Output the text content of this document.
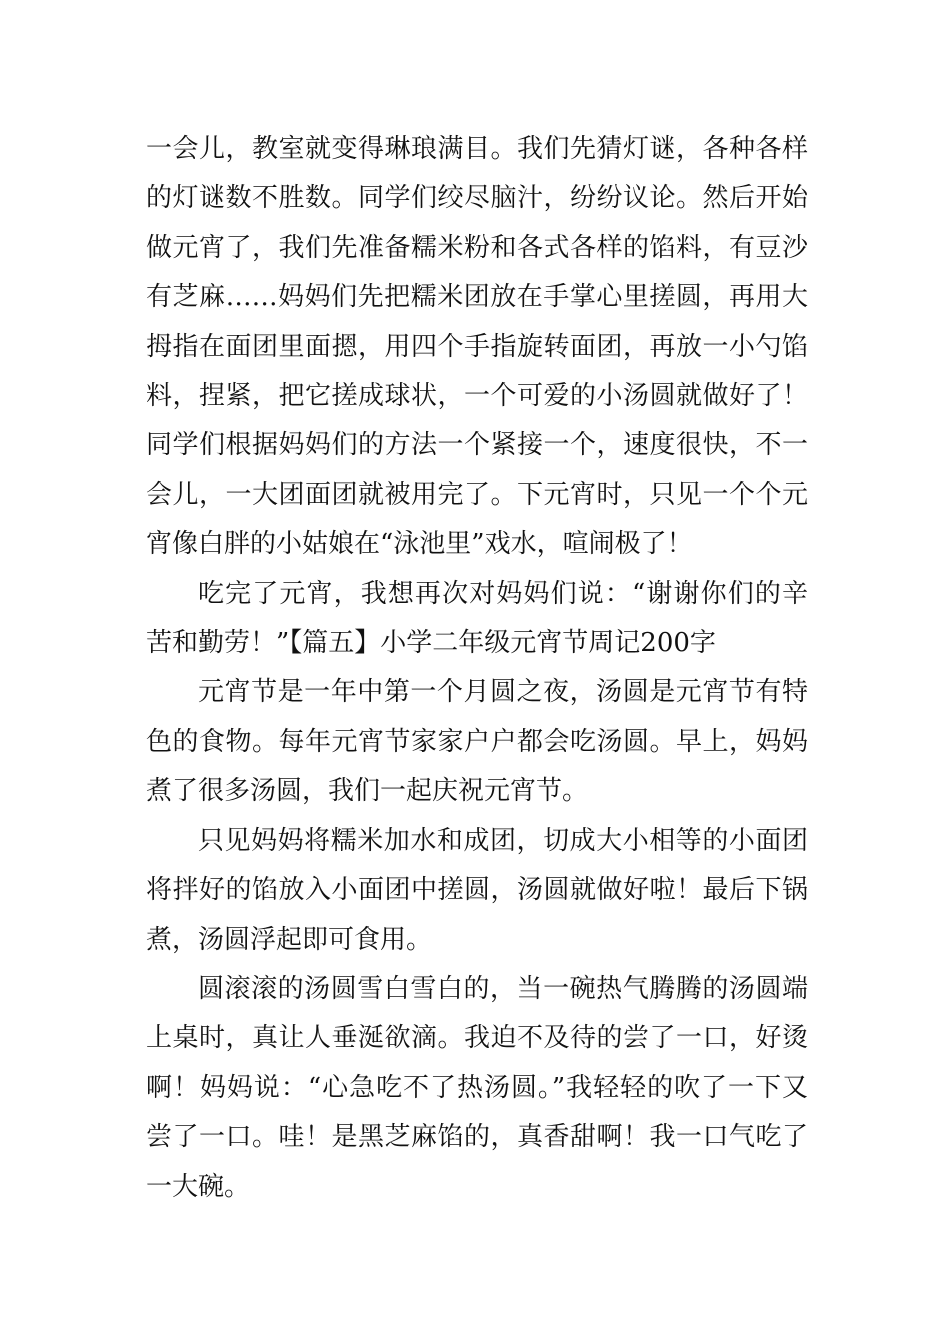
一会儿，教室就变得琳琅满目。我们先猜灯谜，各种各样的灯谜数不胜数。同学们绞尽脑汁，纷纷议论。然后开始做元宵了，我们先准备糯米粉和各式各样的馅料，有豆沙有芝麻……妈妈们先把糯米团放在手掌心里搓圆，再用大拇指在面团里面摁，用四个手指旋转面团，再放一小勺馅料，捏紧，把它搓成球状，一个可爱的小汤圆就做好了！同学们根据妈妈们的方法一个紧接一个，速度很快，不一会儿，一大团面团就被用完了。下元宵时，只见一个个元宵像白胖的小姑娘在“泳池里”戏水，喧闹极了！

吃完了元宵，我想再次对妈妈们说：“谢谢你们的辛苦和勤劳！”【篇五】小学二年级元宵节周记200字

元宵节是一年中第一个月圆之夜，汤圆是元宵节有特色的食物。每年元宵节家家户户都会吃汤圆。早上，妈妈煮了很多汤圆，我们一起庆祝元宵节。

只见妈妈将糯米加水和成团，切成大小相等的小面团将拌好的馅放入小面团中搓圆，汤圆就做好啦！最后下锅煮，汤圆浮起即可食用。

圆滚滚的汤圆雪白雪白的，当一碗热气腾腾的汤圆端上桌时，真让人垂涎欲滴。我迫不及待的尝了一口，好烫啊！妈妈说：“心急吃不了热汤圆。”我轻轻的吹了一下又尝了一口。哇！是黑芝麻馅的，真香甜啊！我一口气吃了一大碗。
